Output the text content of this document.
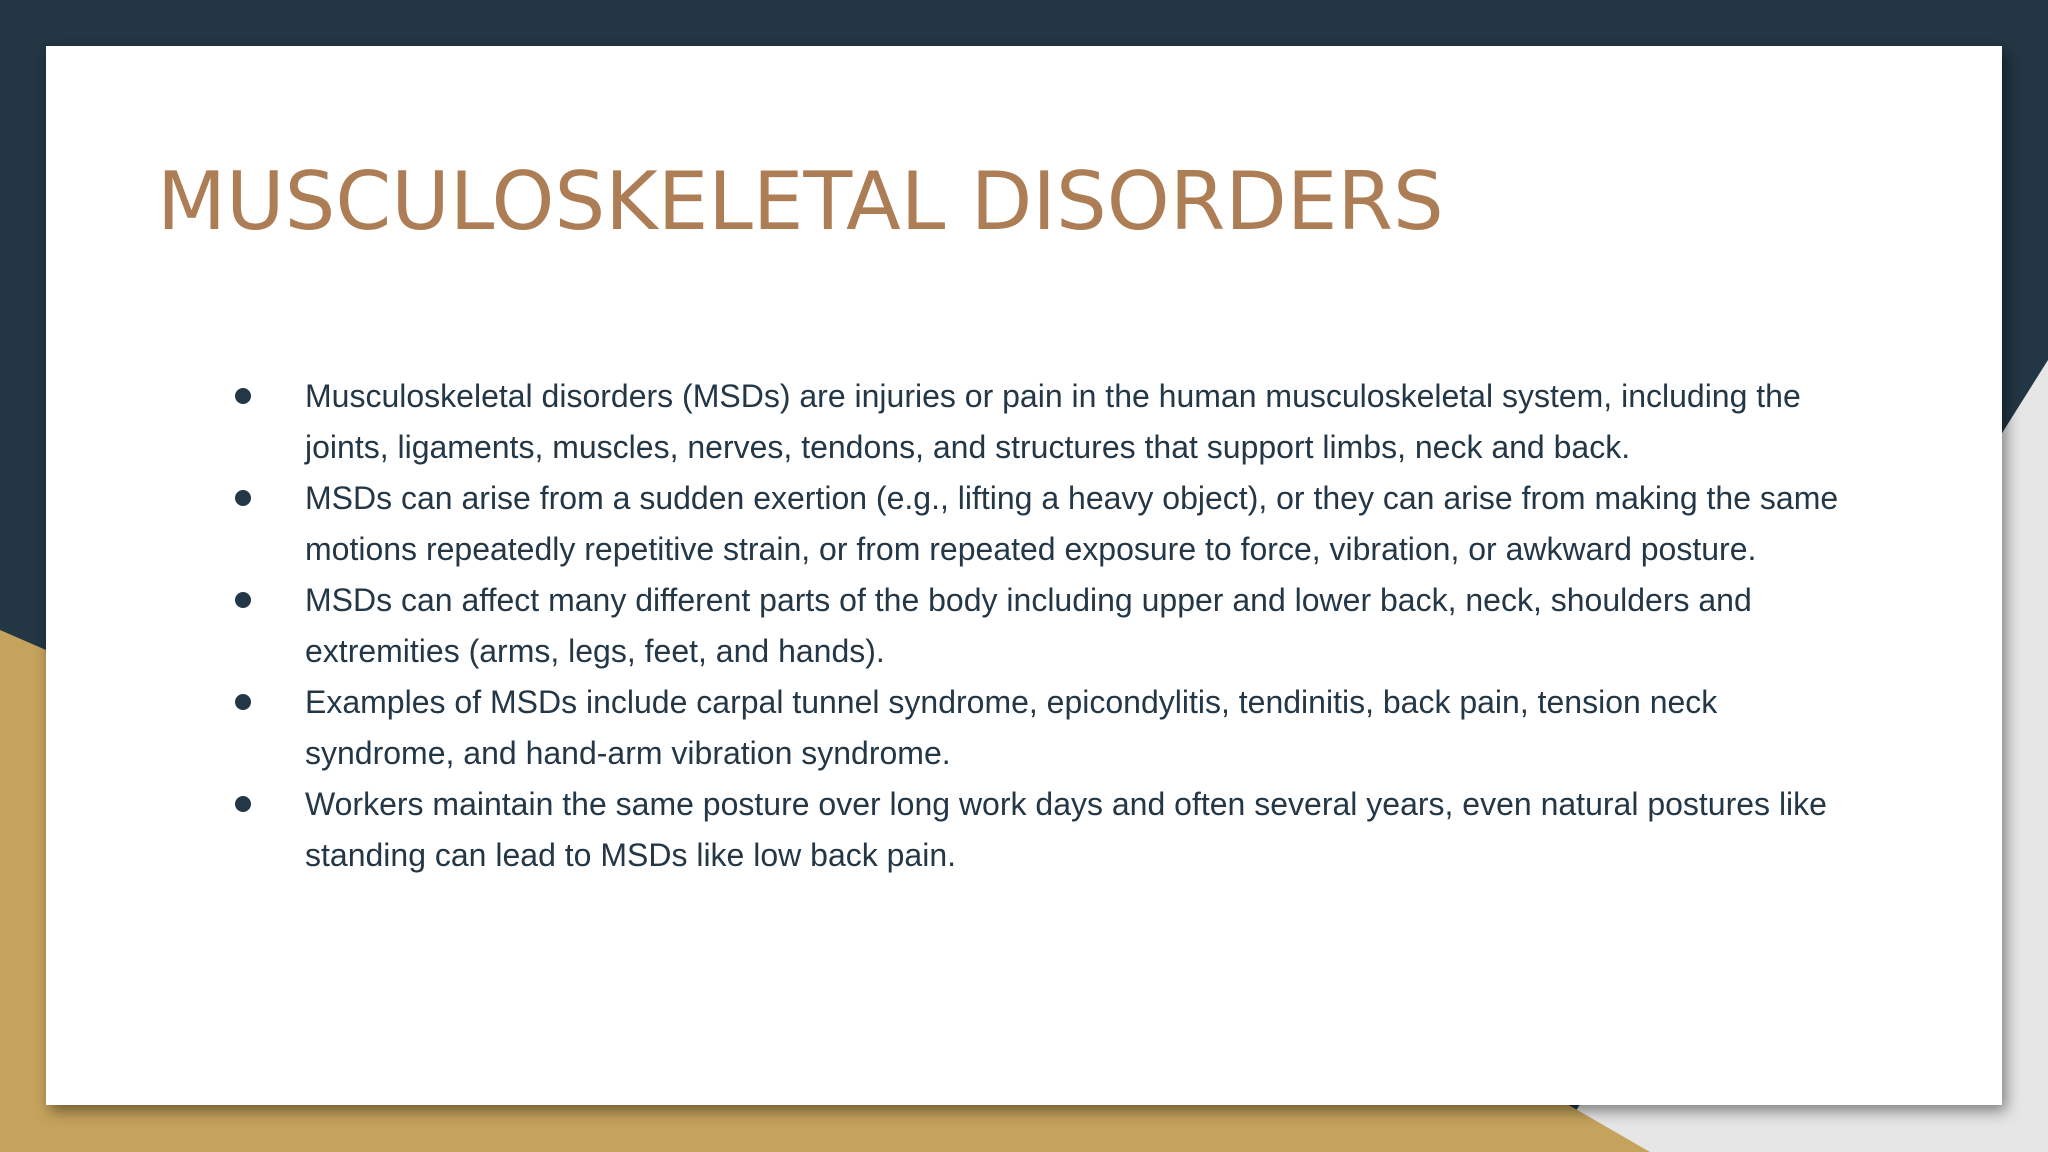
MUSCULOSKELETAL DISORDERS
Musculoskeletal disorders (MSDs) are injuries or pain in the human musculoskeletal system, including the joints, ligaments, muscles, nerves, tendons, and structures that support limbs, neck and back.
MSDs can arise from a sudden exertion (e.g., lifting a heavy object), or they can arise from making the same motions repeatedly repetitive strain, or from repeated exposure to force, vibration, or awkward posture.
MSDs can affect many different parts of the body including upper and lower back, neck, shoulders and extremities (arms, legs, feet, and hands).
Examples of MSDs include carpal tunnel syndrome, epicondylitis, tendinitis, back pain, tension neck syndrome, and hand-arm vibration syndrome.
Workers maintain the same posture over long work days and often several years, even natural postures like standing can lead to MSDs like low back pain.
